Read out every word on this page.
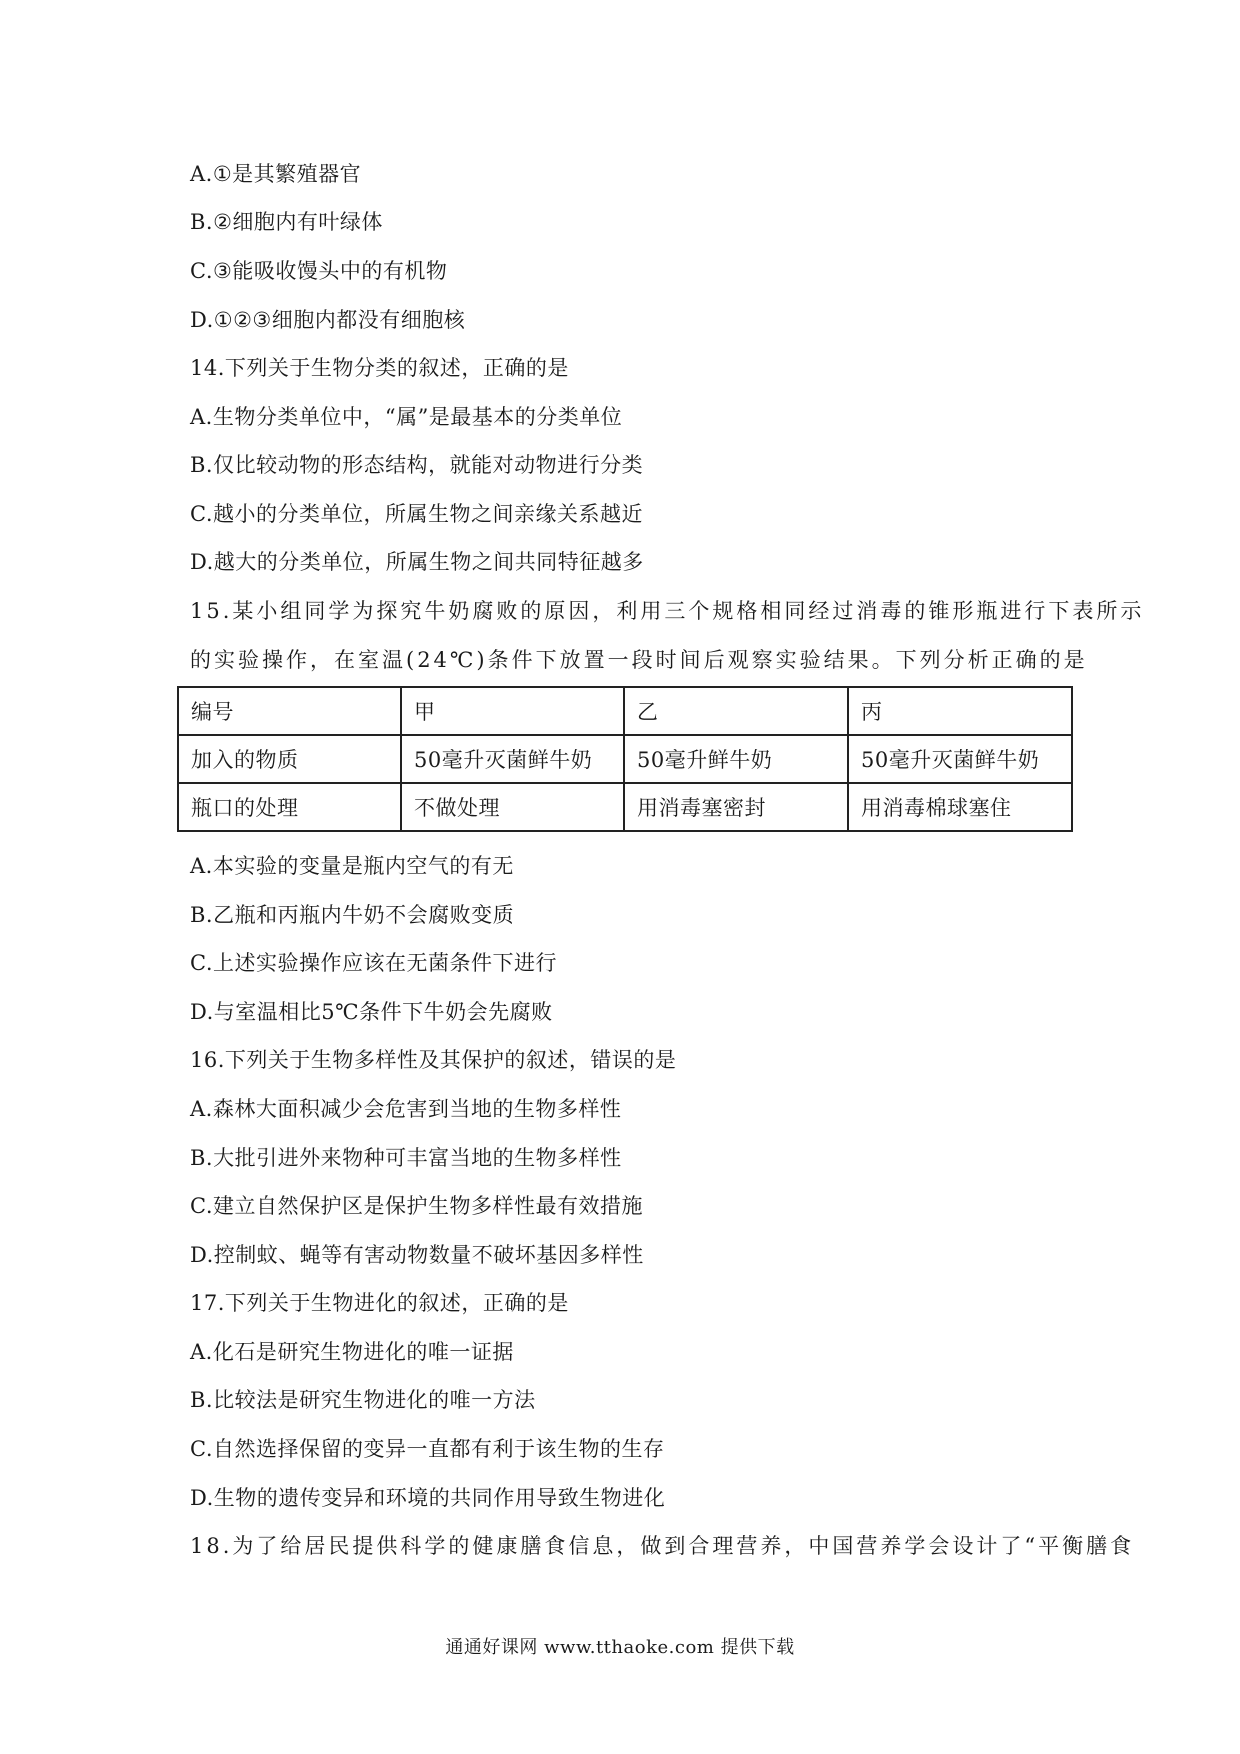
A.①是其繁殖器官
B.②细胞内有叶绿体
C.③能吸收馒头中的有机物
D.①②③细胞内都没有细胞核
14.下列关于生物分类的叙述，正确的是
A.生物分类单位中，“属”是最基本的分类单位
B.仅比较动物的形态结构，就能对动物进行分类
C.越小的分类单位，所属生物之间亲缘关系越近
D.越大的分类单位，所属生物之间共同特征越多
15.某小组同学为探究牛奶腐败的原因，利用三个规格相同经过消毒的锥形瓶进行下表所示
的实验操作，在室温(24℃)条件下放置一段时间后观察实验结果。下列分析正确的是
编号	甲	乙	丙
加入的物质	50毫升灭菌鲜牛奶	50毫升鲜牛奶	50毫升灭菌鲜牛奶
瓶口的处理	不做处理	用消毒塞密封	用消毒棉球塞住
A.本实验的变量是瓶内空气的有无
B.乙瓶和丙瓶内牛奶不会腐败变质
C.上述实验操作应该在无菌条件下进行
D.与室温相比5℃条件下牛奶会先腐败
16.下列关于生物多样性及其保护的叙述，错误的是
A.森林大面积减少会危害到当地的生物多样性
B.大批引进外来物种可丰富当地的生物多样性
C.建立自然保护区是保护生物多样性最有效措施
D.控制蚊、蝇等有害动物数量不破坏基因多样性
17.下列关于生物进化的叙述，正确的是
A.化石是研究生物进化的唯一证据
B.比较法是研究生物进化的唯一方法
C.自然选择保留的变异一直都有利于该生物的生存
D.生物的遗传变异和环境的共同作用导致生物进化
18.为了给居民提供科学的健康膳食信息，做到合理营养，中国营养学会设计了“平衡膳食
通通好课网 www.tthaoke.com 提供下载
